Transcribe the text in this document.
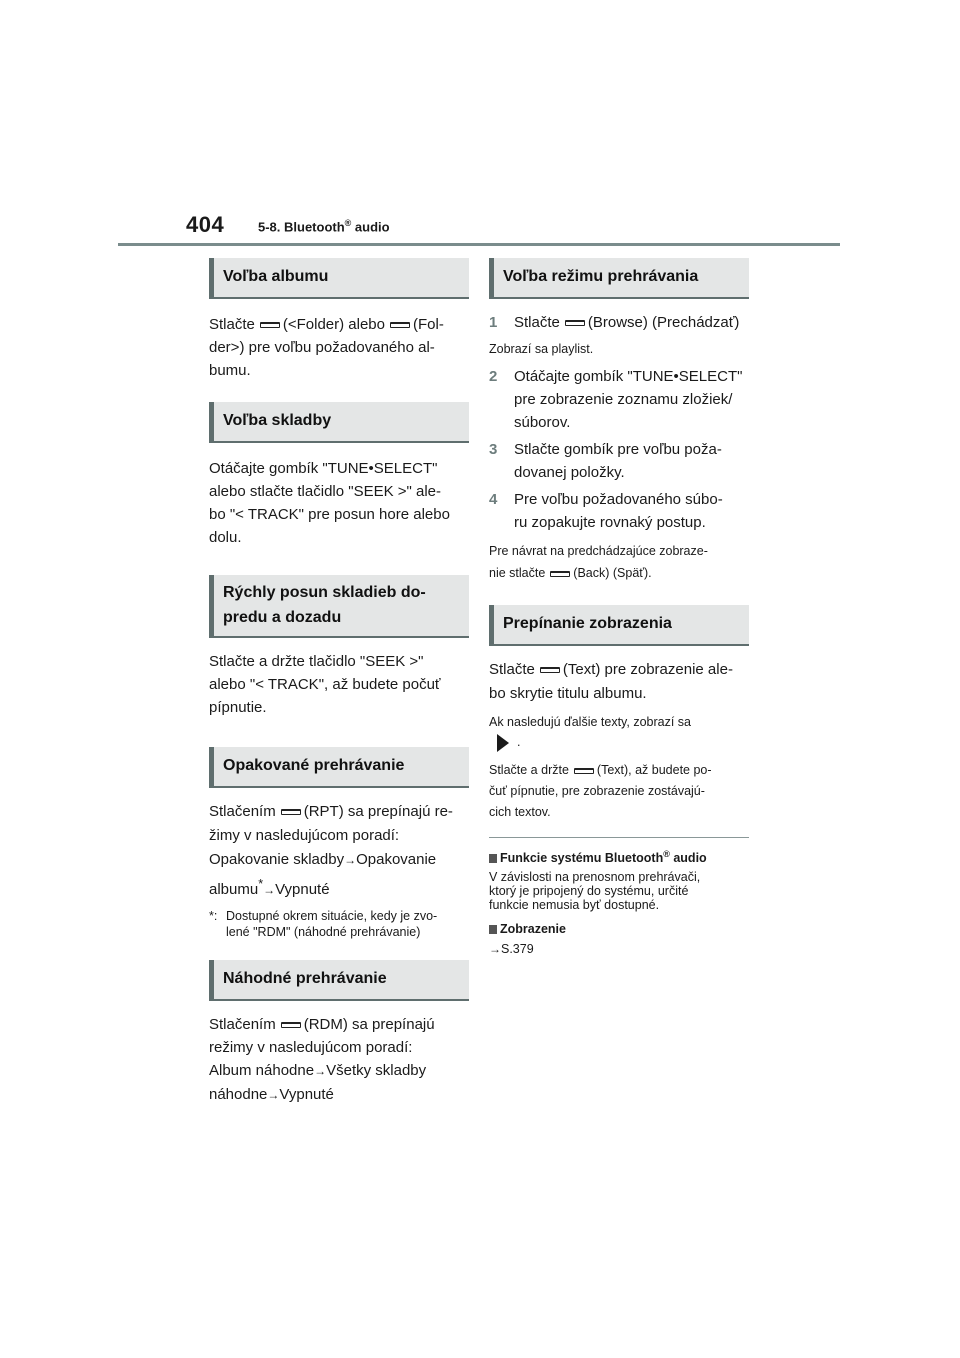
404	5-8. Bluetooth® audio
Voľba albumu

Stlačte (<Folder) alebo (Fol-
der>) pre voľbu požadovaného al-
bumu.

Voľba skladby

Otáčajte gombík "TUNE•SELECT"
alebo stlačte tlačidlo "SEEK >" ale-
bo "< TRACK" pre posun hore alebo
dolu.

Rýchly posun skladieb do-
predu a dozadu

Stlačte a držte tlačidlo "SEEK >"
alebo "< TRACK", až budete počuť
pípnutie.

Opakované prehrávanie

Stlačením (RPT) sa prepínajú re-
žimy v nasledujúcom poradí:
Opakovanie skladby→Opakovanie
albumu*→Vypnuté

*: Dostupné okrem situácie, kedy je zvo-
lené "RDM" (náhodné prehrávanie)
Náhodné prehrávanie

Stlačením (RDM) sa prepínajú
režimy v nasledujúcom poradí:
Album náhodne→Všetky skladby
náhodne→Vypnuté

Voľba režimu prehrávania
1	Stlačte (Browse) (Prechádzať)

Zobrazí sa playlist.

2	Otáčajte gombík "TUNE•SELECT"
pre zobrazenie zoznamu zložiek/
súborov.
3	Stlačte gombík pre voľbu poža-
dovanej položky.
4	Pre voľbu požadovaného súbo-
ru zopakujte rovnaký postup.

Pre návrat na predchádzajúce zobraze-
nie stlačte (Back) (Späť).

Prepínanie zobrazenia

Stlačte (Text) pre zobrazenie ale-
bo skrytie titulu albumu.

Ak nasledujú ďalšie texty, zobrazí sa
.

Stlačte a držte (Text), až budete po-
čuť pípnutie, pre zobrazenie zostávajú-
cich textov.

Funkcie systému Bluetooth® audio
V závislosti na prenosnom prehrávači,
ktorý je pripojený do systému, určité
funkcie nemusia byť dostupné.
Zobrazenie
→S.379
